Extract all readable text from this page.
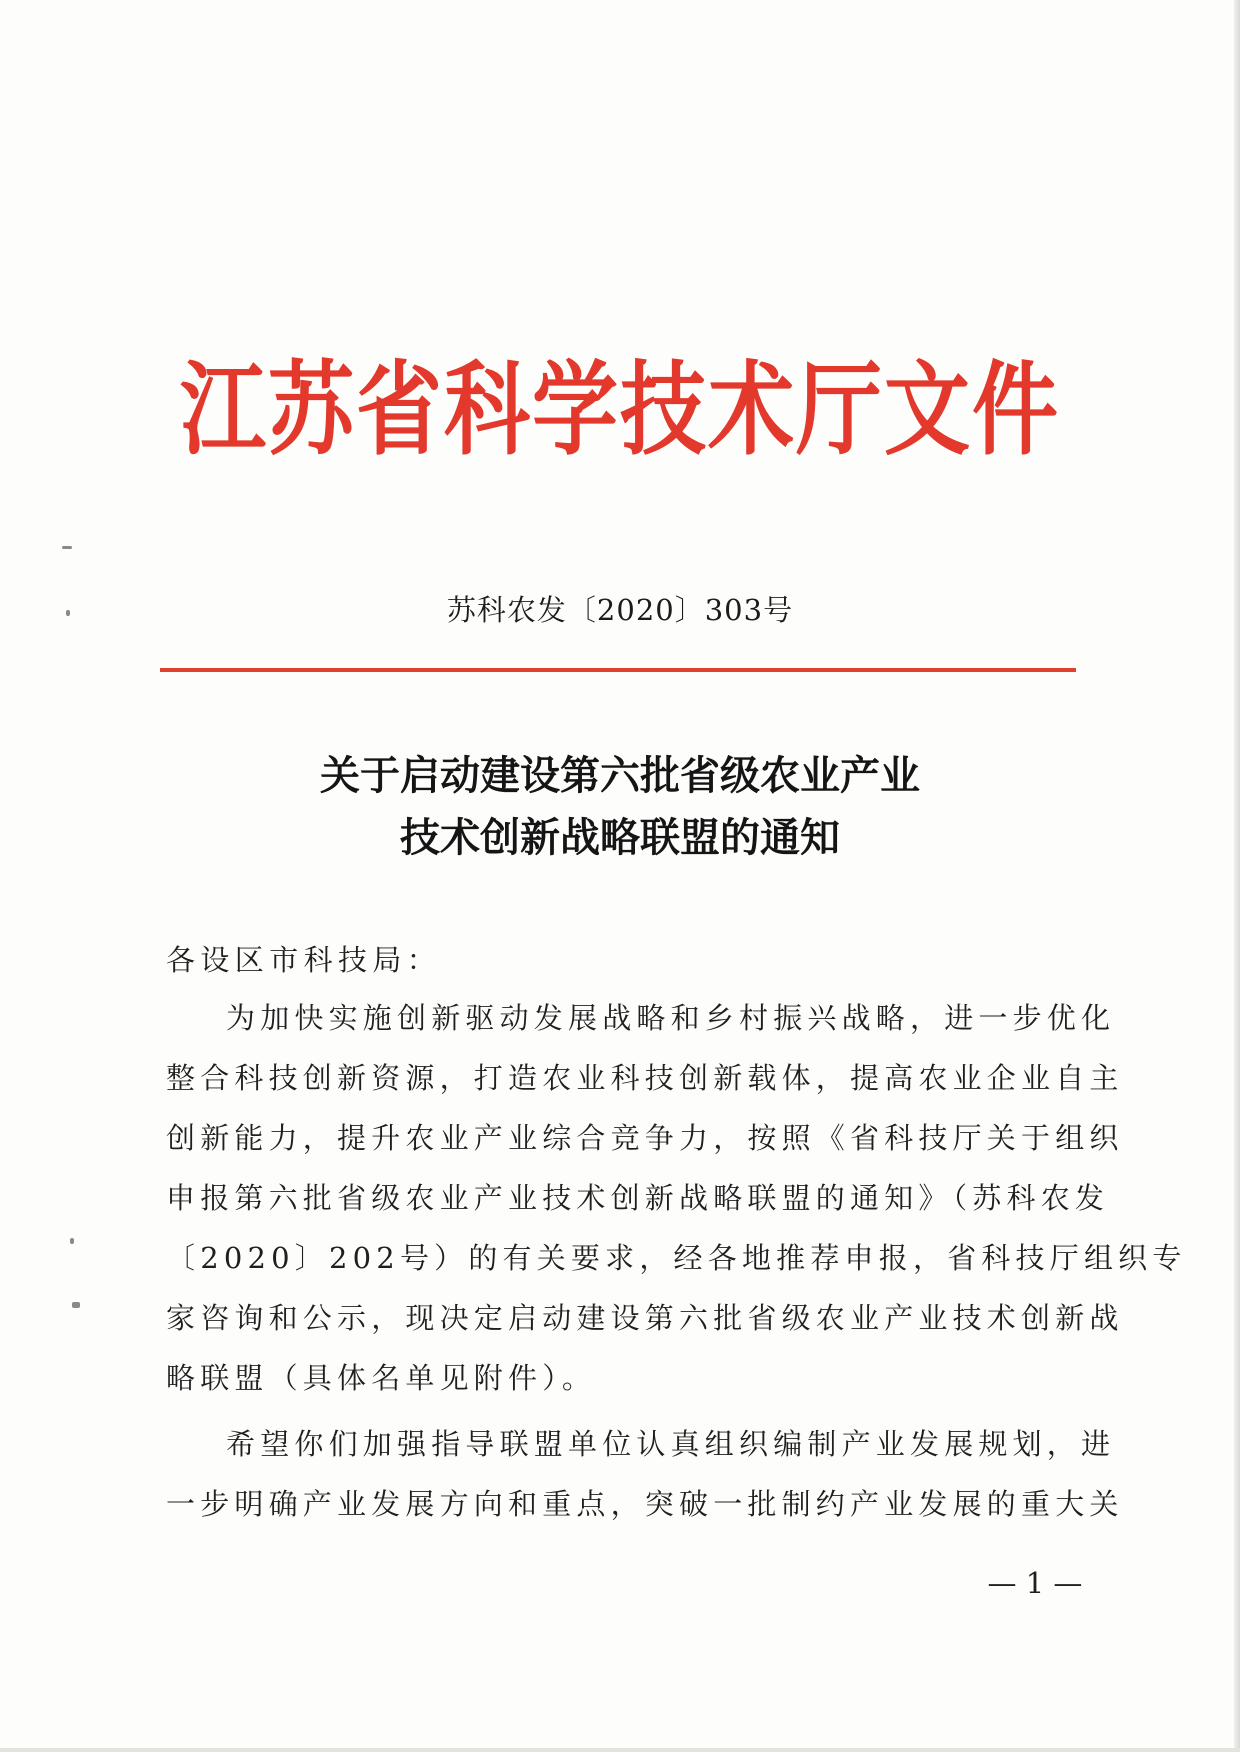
江苏省科学技术厅文件
苏科农发〔2020〕303号
关于启动建设第六批省级农业产业
技术创新战略联盟的通知
各设区市科技局：
为加快实施创新驱动发展战略和乡村振兴战略，进一步优化
整合科技创新资源，打造农业科技创新载体，提高农业企业自主
创新能力，提升农业产业综合竞争力，按照《省科技厅关于组织
申报第六批省级农业产业技术创新战略联盟的通知》（苏科农发
〔2020〕202号）的有关要求，经各地推荐申报，省科技厅组织专
家咨询和公示，现决定启动建设第六批省级农业产业技术创新战
略联盟（具体名单见附件）。
希望你们加强指导联盟单位认真组织编制产业发展规划，进
一步明确产业发展方向和重点，突破一批制约产业发展的重大关
— 1 —
